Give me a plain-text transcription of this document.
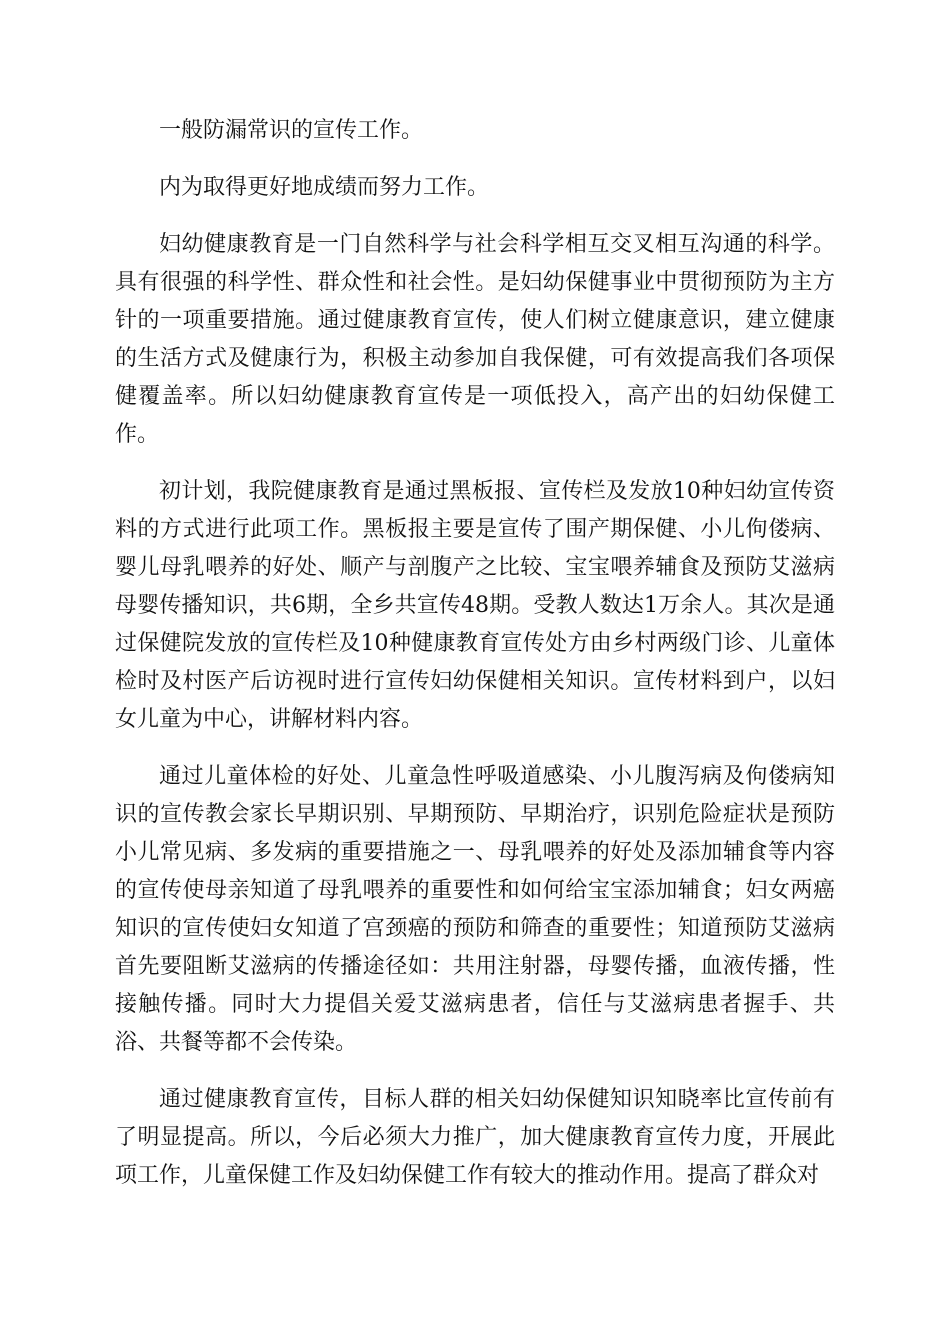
一般防漏常识的宣传工作。

内为取得更好地成绩而努力工作。

妇幼健康教育是一门自然科学与社会科学相互交叉相互沟通的科学。具有很强的科学性、群众性和社会性。是妇幼保健事业中贯彻预防为主方针的一项重要措施。通过健康教育宣传，使人们树立健康意识，建立健康的生活方式及健康行为，积极主动参加自我保健，可有效提高我们各项保健覆盖率。所以妇幼健康教育宣传是一项低投入，高产出的妇幼保健工作。

初计划，我院健康教育是通过黑板报、宣传栏及发放10种妇幼宣传资料的方式进行此项工作。黑板报主要是宣传了围产期保健、小儿佝偻病、婴儿母乳喂养的好处、顺产与剖腹产之比较、宝宝喂养辅食及预防艾滋病母婴传播知识，共6期，全乡共宣传48期。受教人数达1万余人。其次是通过保健院发放的宣传栏及10种健康教育宣传处方由乡村两级门诊、儿童体检时及村医产后访视时进行宣传妇幼保健相关知识。宣传材料到户，以妇女儿童为中心，讲解材料内容。

通过儿童体检的好处、儿童急性呼吸道感染、小儿腹泻病及佝偻病知识的宣传教会家长早期识别、早期预防、早期治疗，识别危险症状是预防小儿常见病、多发病的重要措施之一、母乳喂养的好处及添加辅食等内容的宣传使母亲知道了母乳喂养的重要性和如何给宝宝添加辅食；妇女两癌知识的宣传使妇女知道了宫颈癌的预防和筛查的重要性；知道预防艾滋病首先要阻断艾滋病的传播途径如：共用注射器，母婴传播，血液传播，性接触传播。同时大力提倡关爱艾滋病患者，信任与艾滋病患者握手、共浴、共餐等都不会传染。

通过健康教育宣传，目标人群的相关妇幼保健知识知晓率比宣传前有了明显提高。所以，今后必须大力推广，加大健康教育宣传力度，开展此项工作，儿童保健工作及妇幼保健工作有较大的推动作用。提高了群众对
